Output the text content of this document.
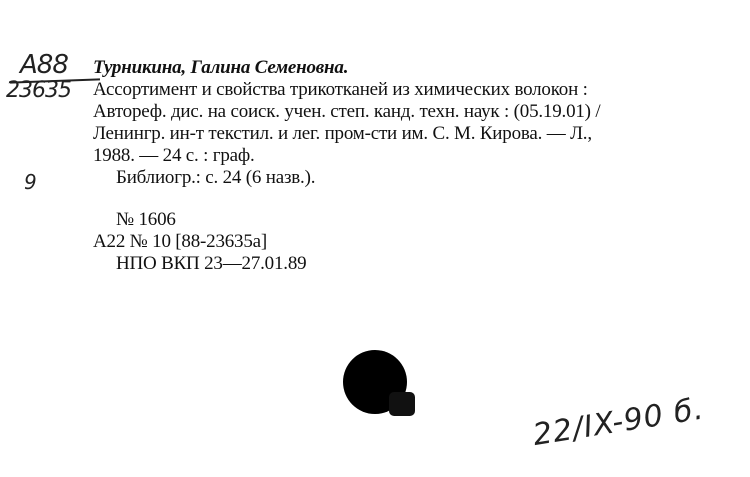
А88
23635
9
Турникина, Галина Семеновна.
Ассортимент и свойства трикотканей из химических волокон :
Автореф. дис. на соиск. учен. степ. канд. техн. наук : (05.19.01) /
Ленингр. ин-т текстил. и лег. пром-сти им. С. М. Кирова. — Л.,
1988. — 24 с. : граф.
Библиогр.: с. 24 (6 назв.).
№ 1606
А22 № 10 [88-23635а]
НПО ВКП 23—27.01.89
22/IX-90 б.
